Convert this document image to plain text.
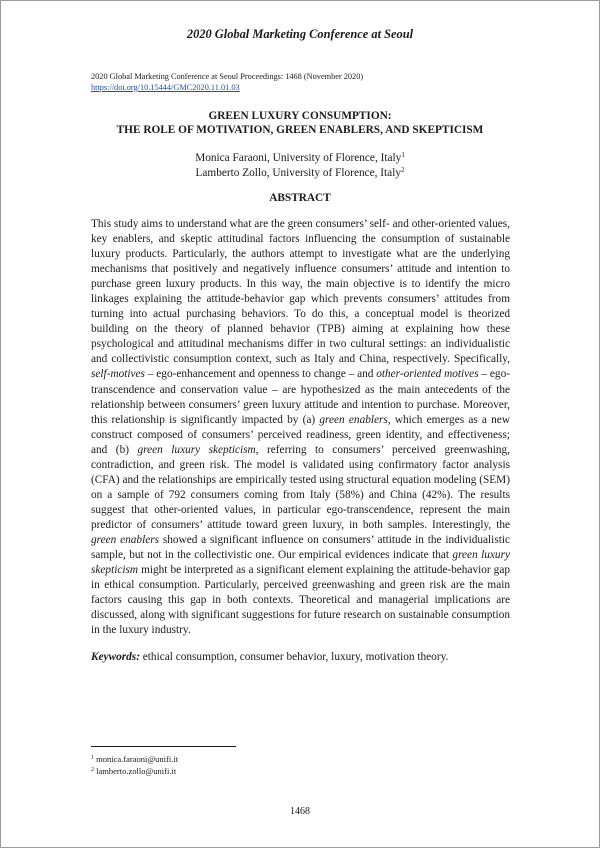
2020 Global Marketing Conference at Seoul
2020 Global Marketing Conference at Seoul Proceedings: 1468 (November 2020)
https://doi.org/10.15444/GMC2020.11.01.03
GREEN LUXURY CONSUMPTION:
THE ROLE OF MOTIVATION, GREEN ENABLERS, AND SKEPTICISM
Monica Faraoni, University of Florence, Italy$^1$
Lamberto Zollo, University of Florence, Italy$^2$
ABSTRACT

This study aims to understand what are the green consumers’ self- and other-oriented values, key enablers, and skeptic attitudinal factors influencing the consumption of sustainable luxury products. Particularly, the authors attempt to investigate what are the underlying mechanisms that positively and negatively influence consumers’ attitude and intention to purchase green luxury products. In this way, the main objective is to identify the micro linkages explaining the attitude-behavior gap which prevents consumers’ attitudes from turning into actual purchasing behaviors. To do this, a conceptual model is theorized building on the theory of planned behavior (TPB) aiming at explaining how these psychological and attitudinal mechanisms differ in two cultural settings: an individualistic and collectivistic consumption context, such as Italy and China, respectively. Specifically, self-motives – ego-enhancement and openness to change – and other-oriented motives – ego-transcendence and conservation value – are hypothesized as the main antecedents of the relationship between consumers’ green luxury attitude and intention to purchase. Moreover, this relationship is significantly impacted by (a) green enablers, which emerges as a new construct composed of consumers’ perceived readiness, green identity, and effectiveness; and (b) green luxury skepticism, referring to consumers’ perceived greenwashing, contradiction, and green risk. The model is validated using confirmatory factor analysis (CFA) and the relationships are empirically tested using structural equation modeling (SEM) on a sample of 792 consumers coming from Italy (58%) and China (42%). The results suggest that other-oriented values, in particular ego-transcendence, represent the main predictor of consumers’ attitude toward green luxury, in both samples. Interestingly, the green enablers showed a significant influence on consumers’ attitude in the individualistic sample, but not in the collectivistic one. Our empirical evidences indicate that green luxury skepticism might be interpreted as a significant element explaining the attitude-behavior gap in ethical consumption. Particularly, perceived greenwashing and green risk are the main factors causing this gap in both contexts. Theoretical and managerial implications are discussed, along with significant suggestions for future research on sustainable consumption in the luxury industry.

Keywords: ethical consumption, consumer behavior, luxury, motivation theory.

$^1$ monica.faraoni@unifi.it
$^2$ lamberto.zollo@unifi.it
1468
